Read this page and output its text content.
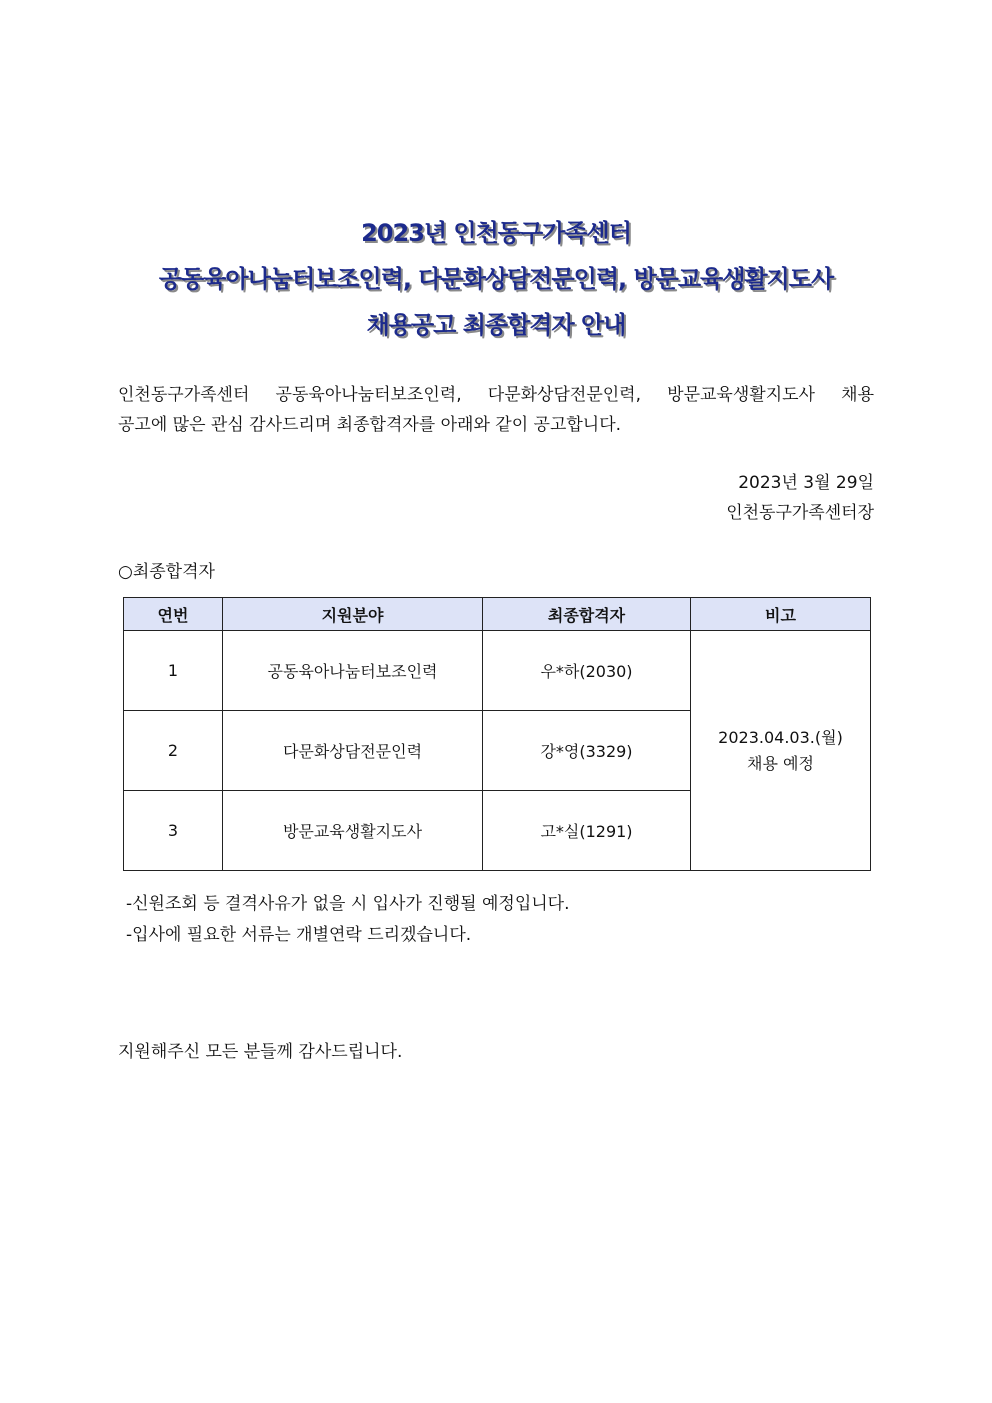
2023년 인천동구가족센터
공동육아나눔터보조인력, 다문화상담전문인력, 방문교육생활지도사
채용공고 최종합격자 안내
인천동구가족센터 공동육아나눔터보조인력, 다문화상담전문인력, 방문교육생활지도사 채용
공고에 많은 관심 감사드리며 최종합격자를 아래와 같이 공고합니다.
2023년 3월 29일
인천동구가족센터장
○최종합격자
연번	지원분야	최종합격자	비고
1	공동육아나눔터보조인력	우*하(2030)	2023.04.03.(월)
채용 예정

2	다문화상담전문인력	강*영(3329)	
3	방문교육생활지도사	고*실(1291)	
-신원조회 등 결격사유가 없을 시 입사가 진행될 예정입니다.
-입사에 필요한 서류는 개별연락 드리겠습니다.
지원해주신 모든 분들께 감사드립니다.
